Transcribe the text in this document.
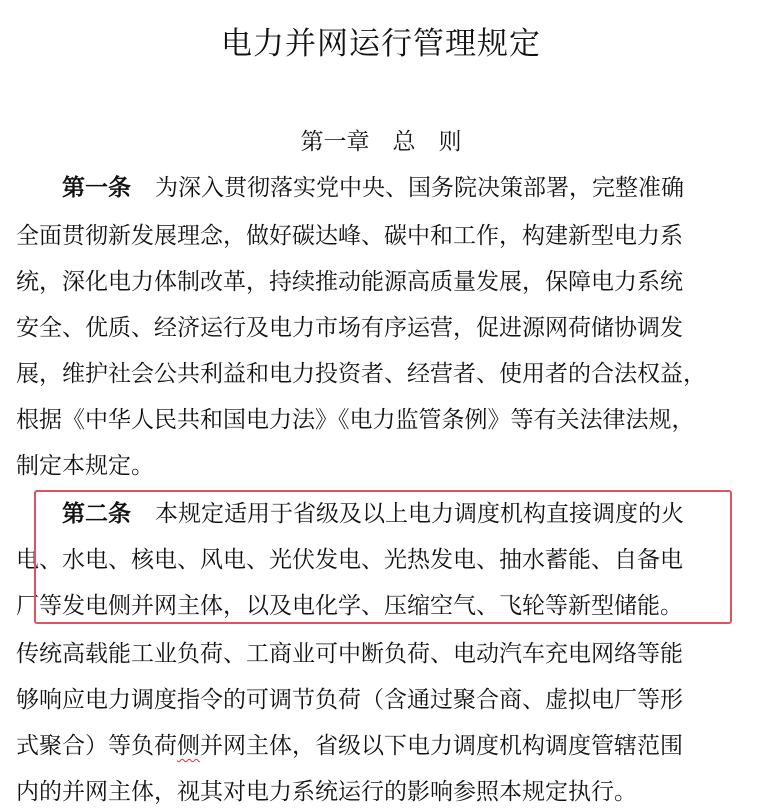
电力并网运行管理规定
第一章　总　则
第一条 为深入贯彻落实党中央、国务院决策部署，完整准确
全面贯彻新发展理念，做好碳达峰、碳中和工作，构建新型电力系
统，深化电力体制改革，持续推动能源高质量发展，保障电力系统
安全、优质、经济运行及电力市场有序运营，促进源网荷储协调发
展，维护社会公共利益和电力投资者、经营者、使用者的合法权益，
根据《中华人民共和国电力法》《电力监管条例》等有关法律法规，
制定本规定。
第二条 本规定适用于省级及以上电力调度机构直接调度的火
电、水电、核电、风电、光伏发电、光热发电、抽水蓄能、自备电
厂等发电侧并网主体，以及电化学、压缩空气、飞轮等新型储能。
传统高载能工业负荷、工商业可中断负荷、电动汽车充电网络等能
够响应电力调度指令的可调节负荷（含通过聚合商、虚拟电厂等形
式聚合）等负荷侧并网主体，省级以下电力调度机构调度管辖范围
内的并网主体，视其对电力系统运行的影响参照本规定执行。
